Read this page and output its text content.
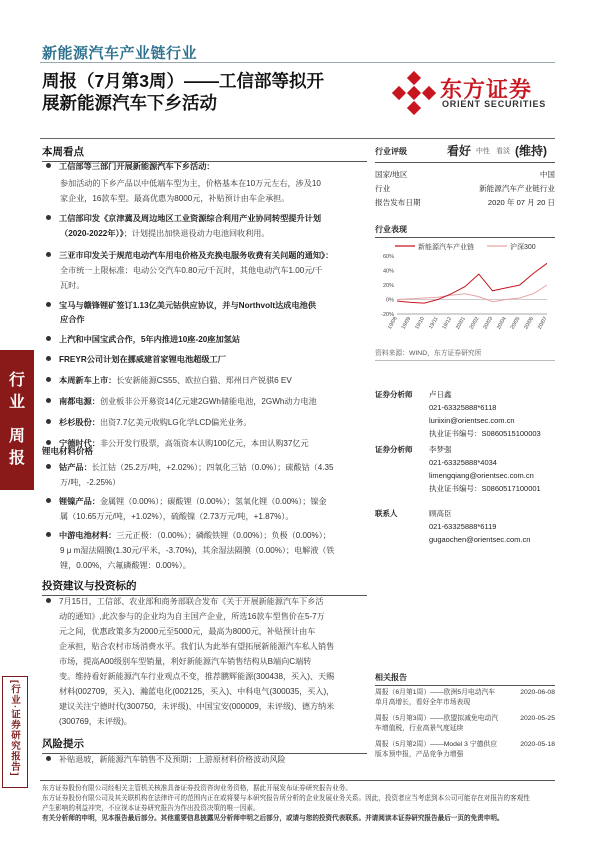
新能源汽车产业链行业
周报（7月第3周）——工信部等拟开
展新能源汽车下乡活动
东方证券
ORIENT SECURITIES
行
业
周
报
[行业·证券研究报告]
本周看点
工信部等三部门开展新能源汽车下乡活动：
参加活动的下乡产品以中低端车型为主，价格基本在10万元左右，涉及10
家企业，16款车型。最高优惠为8000元，补贴预计由车企承担。
工信部印发《京津冀及周边地区工业资源综合利用产业协同转型提升计划
（2020-2022年）》；计划提出加快退役动力电池回收利用。
三亚市印发关于规范电动汽车用电价格及充换电服务收费有关问题的通知》：
全市统一上限标准：电动公交汽车0.80元/千瓦时，其他电动汽车1.00元/千
瓦时。
宝马与赣锋锂矿签订1.13亿美元钴供应协议，并与Northvolt达成电池供
应合作
上汽和中国宝武合作，5年内推进10座-20座加氢站
FREYR公司计划在挪威建首家锂电池超级工厂
本周新车上市：长安新能源CS55、欧拉白猫、郑州日产锐骐6 EV
南都电源：创业板非公开募资14亿元建2GWh储能电池，2GWh动力电池
杉杉股份：出资7.7亿美元收购LG化学LCD偏光业务。
宁德时代：非公开发行股票，高瓴资本认购100亿元，本田认购37亿元
锂电材料价格
钴产品：长江钴（25.2万/吨，+2.02%）；四氧化三钴（0.0%）；硫酸钴（4.35
万/吨，-2.25%）
锂镍产品：金属锂（0.00%）；碳酸锂（0.00%）；氢氧化锂（0.00%）；镍金
属（10.65万元/吨，+1.02%），硫酸镍（2.73万元/吨，+1.87%）。
中游电池材料：三元正极：（0.00%）；磷酸铁锂（0.00%）；负极（0.00%）；
9 μ m湿法隔膜(1.30元/平米，-3.70%)，其余湿法隔膜（0.00%）；电解液（铁
锂，0.00%，六氟磷酸锂：0.00%）。
投资建议与投资标的
7月15日，工信部、农业部和商务部联合发布《关于开展新能源汽车下乡活
动的通知》,此次参与的企业均为自主国产企业，所选16款车型售价在5-7万
元之间，优惠政策多为2000元至5000元，最高为8000元，补贴预计由车
企承担，贴合农村市场消费水平。我们认为此举有望拓展新能源汽车私人销售
市场，提高A00级别车型销量，利好新能源汽车销售结构从B端向C端转
变。维持看好新能源汽车行业观点不变，推荐鹏辉能源(300438，买入)、天赐
材料(002709，买入)、瀚蓝电化(002125，买入)、中科电气(300035，买入)，
建议关注宁德时代(300750，未评级)、中国宝安(000009，未评级)、德方纳米
(300769，未评级)。
风险提示
补贴退坡，新能源汽车销售不及预期；上游原材料价格波动风险
行业评级	看好 中性 看淡 (维持)
国家/地区	中国
行业	新能源汽车产业链行业
报告发布日期	2020 年 07 月 20 日
行业表现
新能源汽车产业链	沪深300
60%
40%
20%
0%
-20%
19/08 19/09 19/10 19/11 19/12 20/01 20/02 20/03 20/04 20/05 20/06 20/07
资料来源：WIND，东方证券研究所
证券分析师 卢日鑫
021-63325888*6118
luriixin@orientsec.com.cn
执业证书编号：S0860515100003
证券分析师 李梦强
021-63325888*4034
limengqiang@orientsec.com.cn
执业证书编号：S0860517100001
联系人	顾高臣
021-63325888*6119
gugaochen@orientsec.com.cn
相关报告
周报（6月第1周）——欧洲5月电动汽车
单月高增长，看好全年市场表现
2020-06-08
周报（5月第3周）——欧盟拟减免电动汽
车增值税，行业高景气度延续
2020-05-25
周报（5月第2周）——Model 3 宁德供应
版本预申报，产品竞争力增强
2020-05-18
东方证券股份有限公司经相关主管机关核准具备证券投资咨询业务资格，据此开展发布证券研究报告业务。
东方证券股份有限公司及其关联机构在法律许可的范围内正在或将要与本研究报告所分析的企业发展业务关系。因此，投资者应当考虑到本公司可能存在对报告的客观性
产生影响的利益冲突，不应视本证券研究报告为作出投资决策的唯一因素。
有关分析师的申明，见本报告最后部分。其他重要信息披露见分析师申明之后部分，或请与您的投资代表联系。并请阅读本证券研究报告最后一页的免责申明。
